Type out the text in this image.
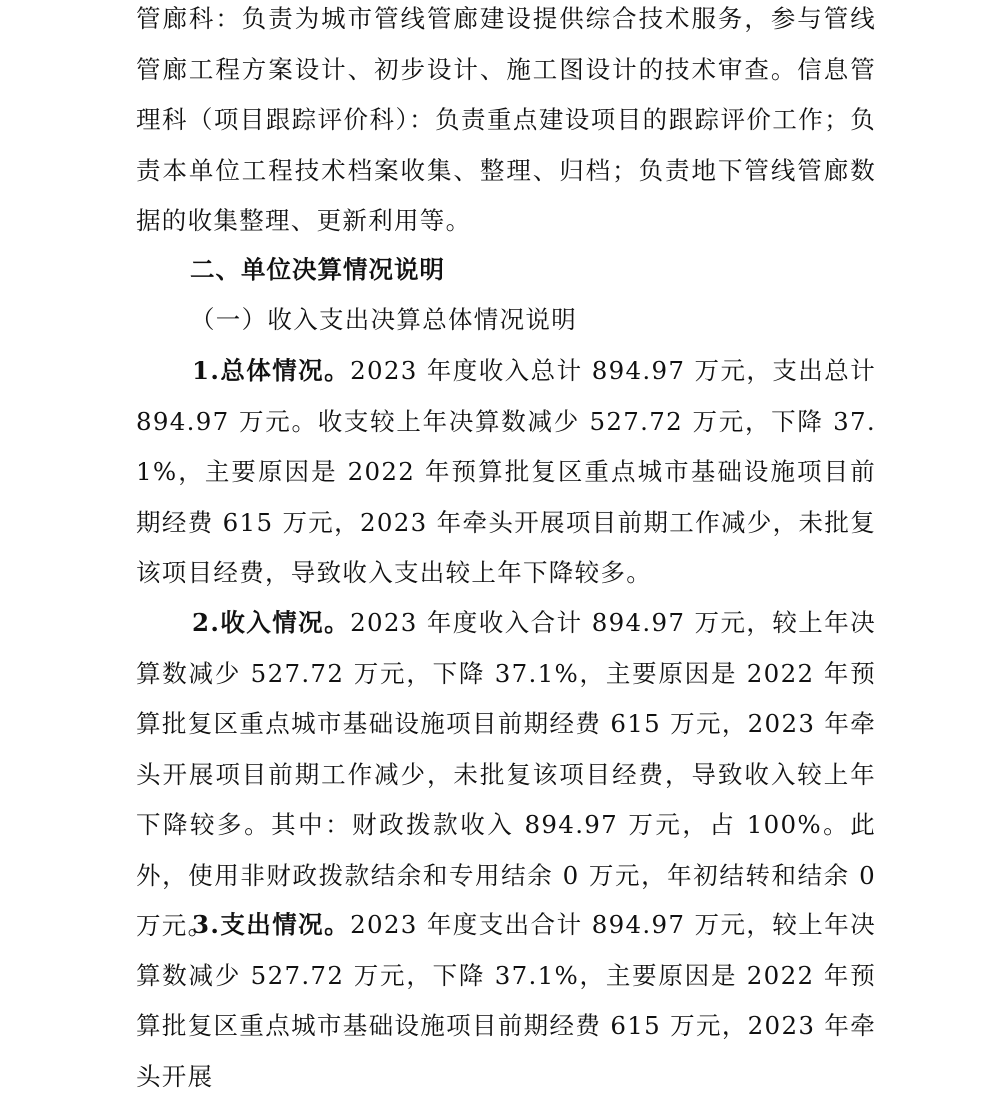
管廊科：负责为城市管线管廊建设提供综合技术服务，参与管线管廊工程方案设计、初步设计、施工图设计的技术审查。信息管理科（项目跟踪评价科）：负责重点建设项目的跟踪评价工作；负责本单位工程技术档案收集、整理、归档；负责地下管线管廊数据的收集整理、更新利用等。

二、单位决算情况说明

（一）收入支出决算总体情况说明

1.总体情况。2023 年度收入总计 894.97 万元，支出总计 894.97 万元。收支较上年决算数减少 527.72 万元，下降 37.1%，主要原因是 2022 年预算批复区重点城市基础设施项目前期经费 615 万元，2023 年牵头开展项目前期工作减少，未批复该项目经费，导致收入支出较上年下降较多。

2.收入情况。2023 年度收入合计 894.97 万元，较上年决算数减少 527.72 万元，下降 37.1%，主要原因是 2022 年预算批复区重点城市基础设施项目前期经费 615 万元，2023 年牵头开展项目前期工作减少，未批复该项目经费，导致收入较上年下降较多。其中：财政拨款收入 894.97 万元，占 100%。此外，使用非财政拨款结余和专用结余 0 万元，年初结转和结余 0 万元。

3.支出情况。2023 年度支出合计 894.97 万元，较上年决算数减少 527.72 万元，下降 37.1%，主要原因是 2022 年预算批复区重点城市基础设施项目前期经费 615 万元，2023 年牵头开展
